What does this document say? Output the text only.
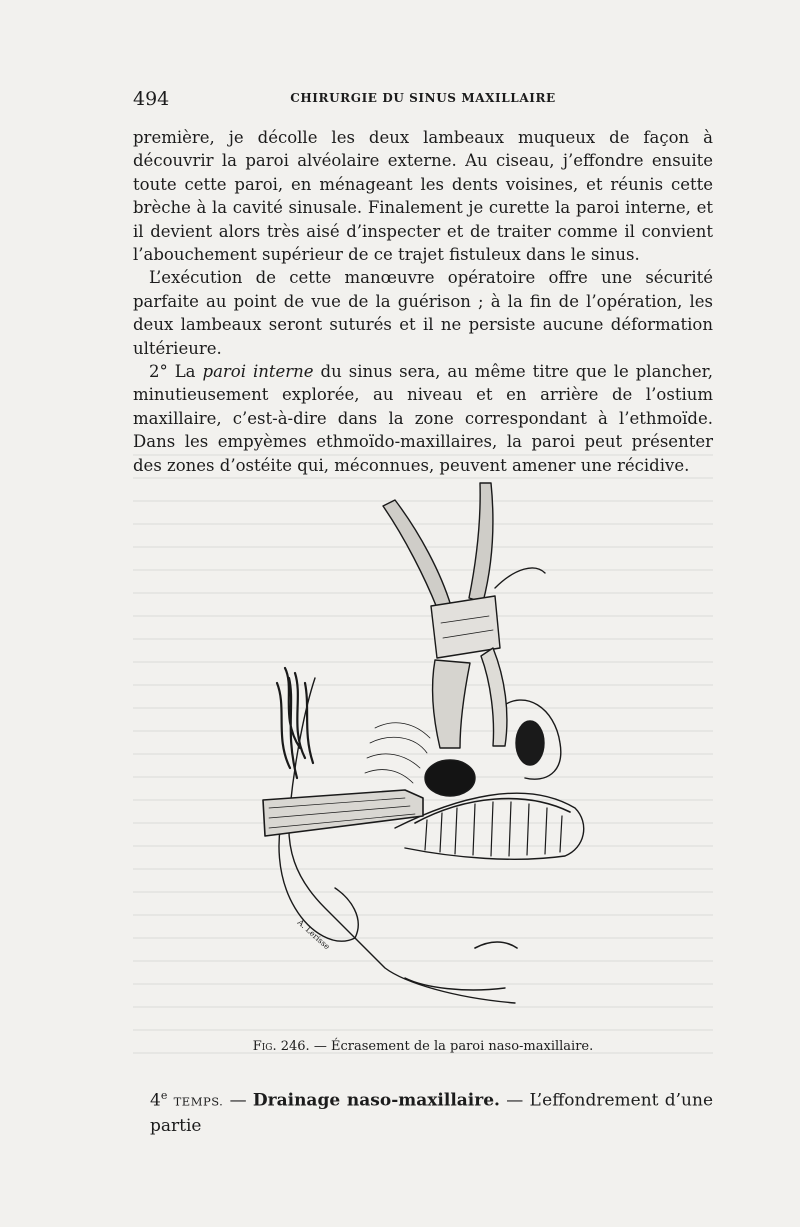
494	CHIRURGIE DU SINUS MAXILLAIRE

première, je décolle les deux lambeaux muqueux de façon à découvrir la paroi alvéolaire externe. Au ciseau, j’effondre ensuite toute cette paroi, en ménageant les dents voisines, et réunis cette brèche à la cavité sinusale. Finalement je curette la paroi interne, et il devient alors très aisé d’inspecter et de traiter comme il convient l’abouchement supérieur de ce trajet fistuleux dans le sinus.

L’exécution de cette manœuvre opératoire offre une sécurité parfaite au point de vue de la guérison ; à la fin de l’opération, les deux lambeaux seront suturés et il ne persiste aucune déformation ultérieure.

2° La paroi interne du sinus sera, au même titre que le plancher, minutieusement explorée, au niveau et en arrière de l’ostium maxillaire, c’est-à-dire dans la zone correspondant à l’ethmoïde. Dans les empyèmes ethmoïdo-maxillaires, la paroi peut présenter des zones d’ostéite qui, méconnues, peuvent amener une récidive.

A. Lerisse
Fig. 246. — Écrasement de la paroi naso-maxillaire.
4e TEMPS. — Drainage naso-maxillaire. — L’effondrement d’une partie
